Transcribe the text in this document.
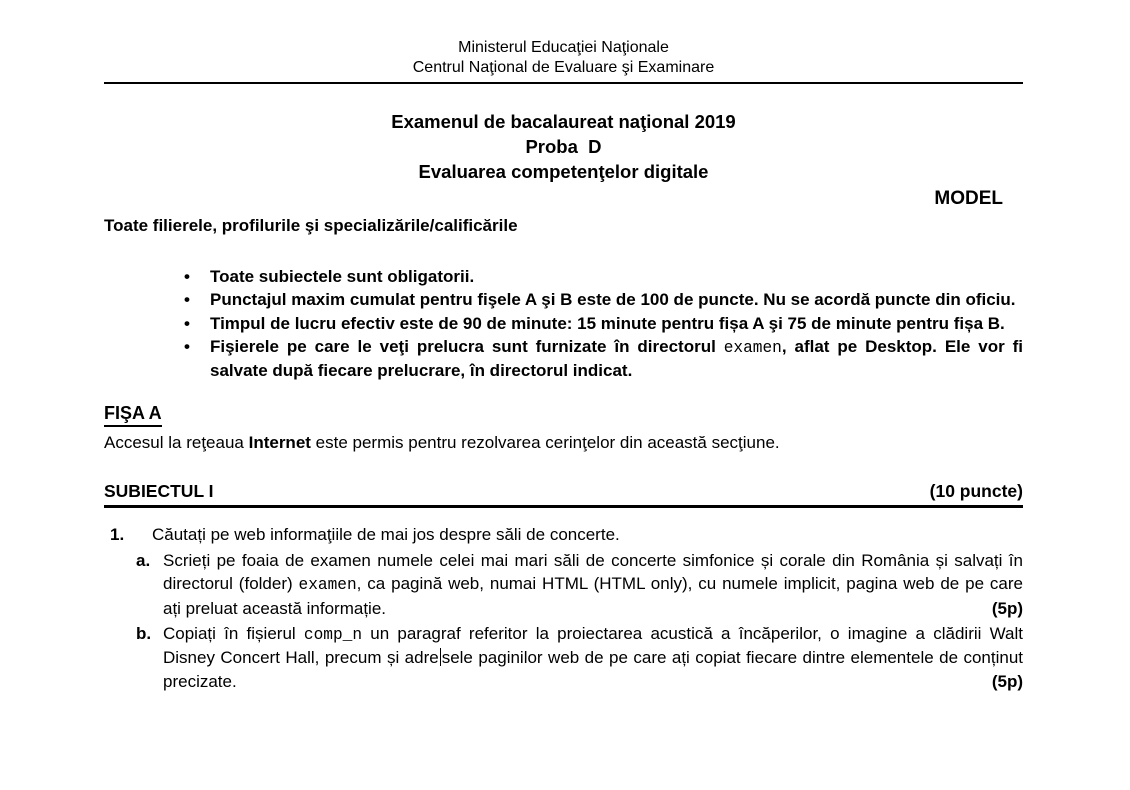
Ministerul Educaţiei Naţionale
Centrul Naţional de Evaluare şi Examinare
Examenul de bacalaureat naţional 2019
Proba  D
Evaluarea competenţelor digitale
MODEL
Toate filierele, profilurile şi specializările/calificările
• Toate subiectele sunt obligatorii.
• Punctajul maxim cumulat pentru fişele A şi B este de 100 de puncte. Nu se acordă puncte din oficiu.
• Timpul de lucru efectiv este de 90 de minute: 15 minute pentru fișa A şi 75 de minute pentru fișa B.
• Fişierele pe care le veţi prelucra sunt furnizate în directorul examen, aflat pe Desktop. Ele vor fi salvate după fiecare prelucrare, în directorul indicat.
FIŞA A

Accesul la reţeaua Internet este permis pentru rezolvarea cerinţelor din această secţiune.

SUBIECTUL I	(10 puncte)
1.	Căutați pe web informaţiile de mai jos despre săli de concerte.
a.
(5p)
Scrieți pe foaia de examen numele celei mai mari săli de concerte simfonice și corale din România și salvați în directorul (folder) examen, ca pagină web, numai HTML (HTML only), cu numele implicit, pagina web de pe care ați preluat această informație.
b.
(5p)
Copiați în fișierul comp_n un paragraf referitor la proiectarea acustică a încăperilor, o imagine a clădirii Walt Disney Concert Hall, precum și adre sele paginilor web de pe care ați copiat fiecare dintre elementele de conținut precizate.
